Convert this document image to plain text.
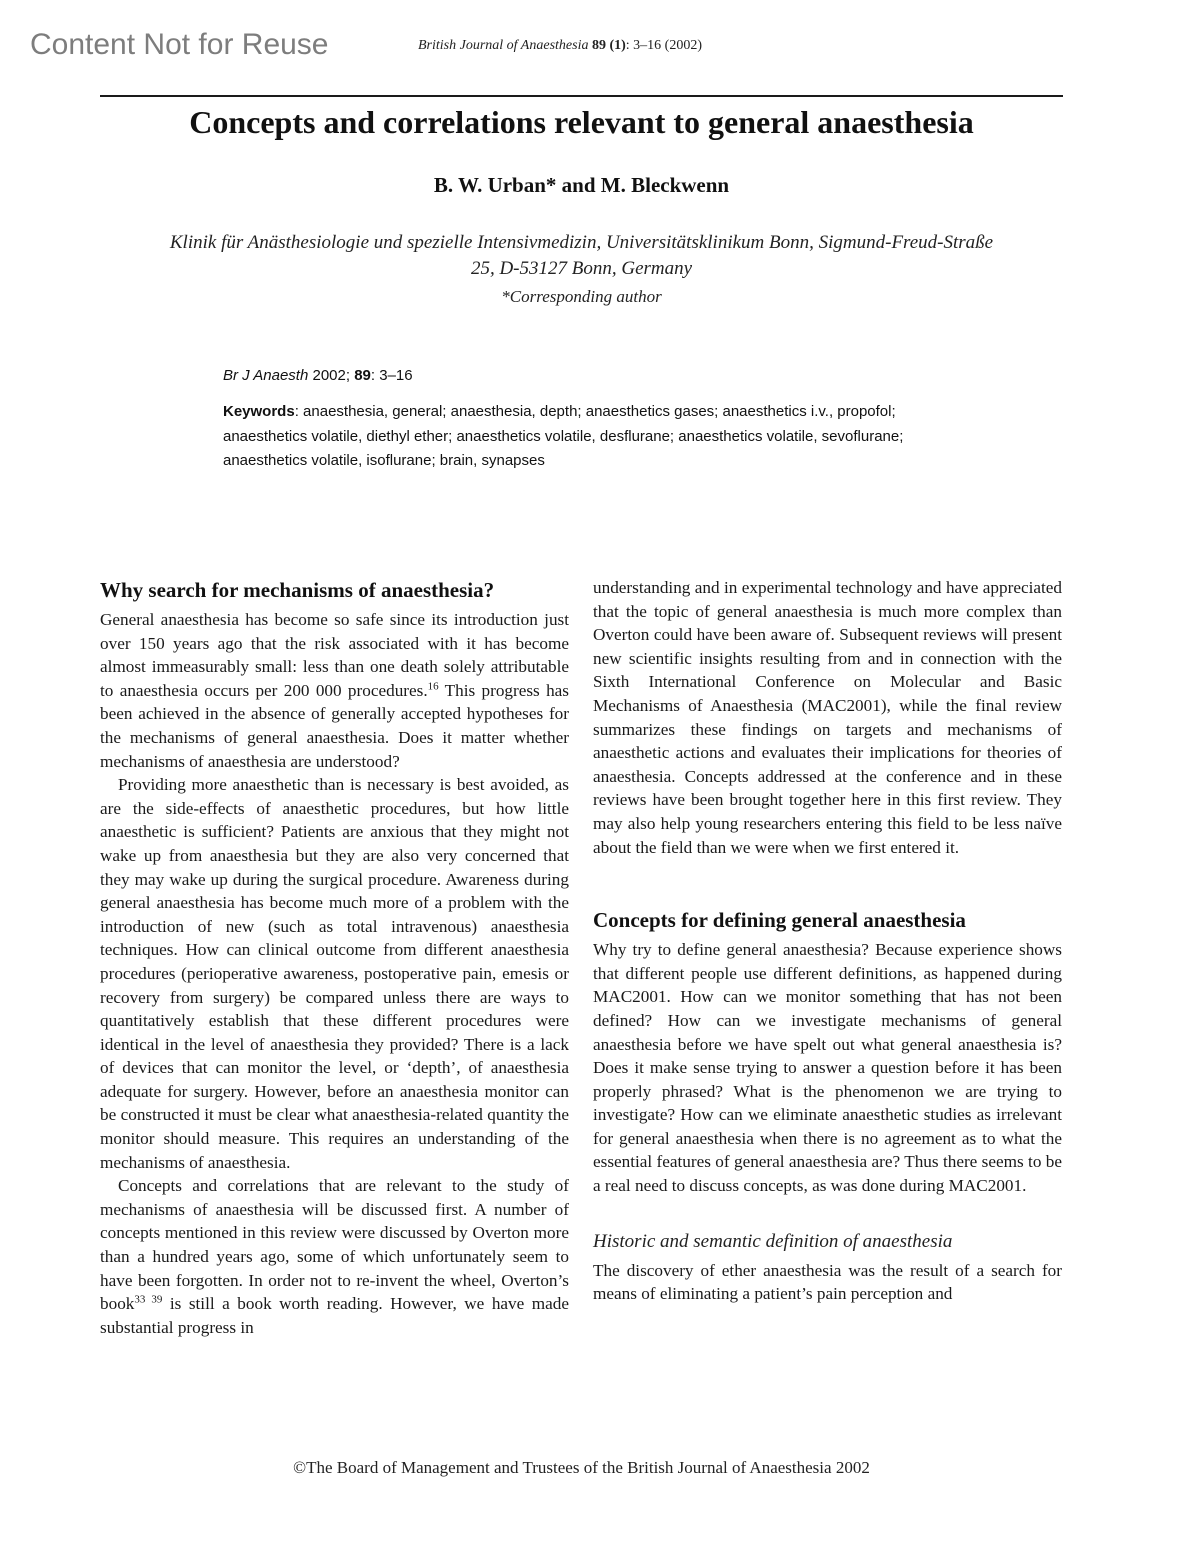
Content Not for Reuse	British Journal of Anaesthesia 89 (1): 3–16 (2002)
Concepts and correlations relevant to general anaesthesia
B. W. Urban* and M. Bleckwenn
Klinik für Anästhesiologie und spezielle Intensivmedizin, Universitätsklinikum Bonn, Sigmund-Freud-Straße
25, D-53127 Bonn, Germany
*Corresponding author
Br J Anaesth 2002; 89: 3–16
Keywords: anaesthesia, general; anaesthesia, depth; anaesthetics gases; anaesthetics i.v., propofol; anaesthetics volatile, diethyl ether; anaesthetics volatile, desflurane; anaesthetics volatile, sevoflurane; anaesthetics volatile, isoflurane; brain, synapses
Why search for mechanisms of anaesthesia?

General anaesthesia has become so safe since its introduction just over 150 years ago that the risk associated with it has become almost immeasurably small: less than one death solely attributable to anaesthesia occurs per 200 000 procedures.$^{16}$ This progress has been achieved in the absence of generally accepted hypotheses for the mechanisms of general anaesthesia. Does it matter whether mechanisms of anaesthesia are understood?

Providing more anaesthetic than is necessary is best avoided, as are the side-effects of anaesthetic procedures, but how little anaesthetic is sufficient? Patients are anxious that they might not wake up from anaesthesia but they are also very concerned that they may wake up during the surgical procedure. Awareness during general anaesthesia has become much more of a problem with the introduction of new (such as total intravenous) anaesthesia techniques. How can clinical outcome from different anaesthesia procedures (perioperative awareness, postoperative pain, emesis or recovery from surgery) be compared unless there are ways to quantitatively establish that these different procedures were identical in the level of anaesthesia they provided? There is a lack of devices that can monitor the level, or ‘depth’, of anaesthesia adequate for surgery. However, before an anaesthesia monitor can be constructed it must be clear what anaesthesia-related quantity the monitor should measure. This requires an understanding of the mechanisms of anaesthesia.

Concepts and correlations that are relevant to the study of mechanisms of anaesthesia will be discussed first. A number of concepts mentioned in this review were discussed by Overton more than a hundred years ago, some of which unfortunately seem to have been forgotten. In order not to re-invent the wheel, Overton’s book$^{33 39}$ is still a book worth reading. However, we have made substantial progress in

understanding and in experimental technology and have appreciated that the topic of general anaesthesia is much more complex than Overton could have been aware of. Subsequent reviews will present new scientific insights resulting from and in connection with the Sixth International Conference on Molecular and Basic Mechanisms of Anaesthesia (MAC2001), while the final review summarizes these findings on targets and mechanisms of anaesthetic actions and evaluates their implications for theories of anaesthesia. Concepts addressed at the conference and in these reviews have been brought together here in this first review. They may also help young researchers entering this field to be less naïve about the field than we were when we first entered it.

Concepts for defining general anaesthesia

Why try to define general anaesthesia? Because experience shows that different people use different definitions, as happened during MAC2001. How can we monitor something that has not been defined? How can we investigate mechanisms of general anaesthesia before we have spelt out what general anaesthesia is? Does it make sense trying to answer a question before it has been properly phrased? What is the phenomenon we are trying to investigate? How can we eliminate anaesthetic studies as irrelevant for general anaesthesia when there is no agreement as to what the essential features of general anaesthesia are? Thus there seems to be a real need to discuss concepts, as was done during MAC2001.

Historic and semantic definition of anaesthesia

The discovery of ether anaesthesia was the result of a search for means of eliminating a patient’s pain perception and

©The Board of Management and Trustees of the British Journal of Anaesthesia 2002
